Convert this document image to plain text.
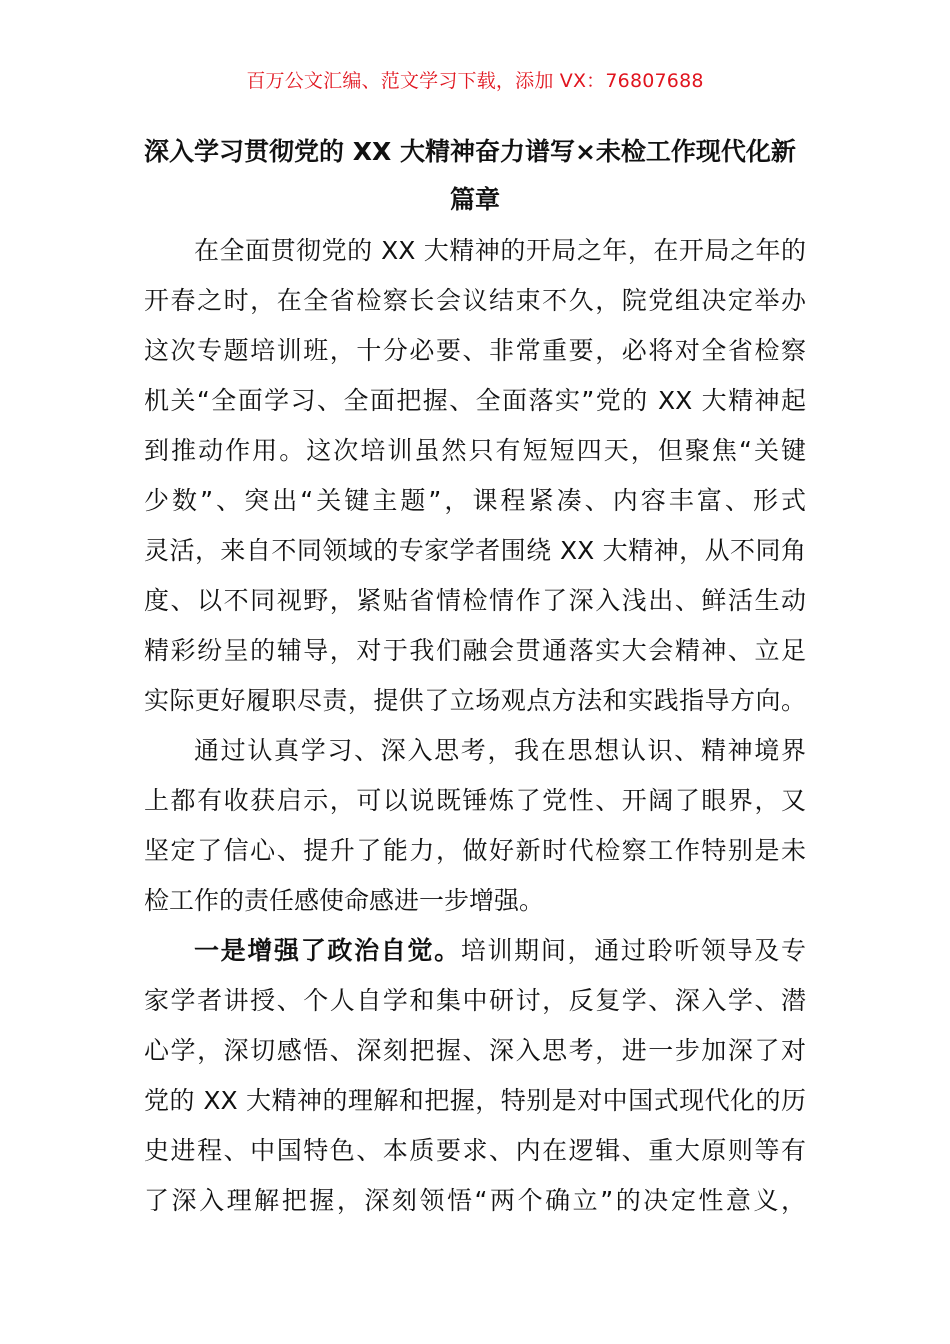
百万公文汇编、范文学习下载，添加 VX：76807688
深入学习贯彻党的 XX 大精神奋力谱写×未检工作现代化新
篇章
在全面贯彻党的 XX 大精神的开局之年，在开局之年的
开春之时，在全省检察长会议结束不久，院党组决定举办
这次专题培训班，十分必要、非常重要，必将对全省检察
机关“全面学习、全面把握、全面落实”党的 XX 大精神起
到推动作用。这次培训虽然只有短短四天，但聚焦“关键
少数”、突出“关键主题”，课程紧凑、内容丰富、形式
灵活，来自不同领域的专家学者围绕 XX 大精神，从不同角
度、以不同视野，紧贴省情检情作了深入浅出、鲜活生动
精彩纷呈的辅导，对于我们融会贯通落实大会精神、立足
实际更好履职尽责，提供了立场观点方法和实践指导方向。
通过认真学习、深入思考，我在思想认识、精神境界
上都有收获启示，可以说既锤炼了党性、开阔了眼界，又
坚定了信心、提升了能力，做好新时代检察工作特别是未
检工作的责任感使命感进一步增强。
一是增强了政治自觉。培训期间，通过聆听领导及专
家学者讲授、个人自学和集中研讨，反复学、深入学、潜
心学，深切感悟、深刻把握、深入思考，进一步加深了对
党的 XX 大精神的理解和把握，特别是对中国式现代化的历
史进程、中国特色、本质要求、内在逻辑、重大原则等有
了深入理解把握，深刻领悟“两个确立”的决定性意义，
